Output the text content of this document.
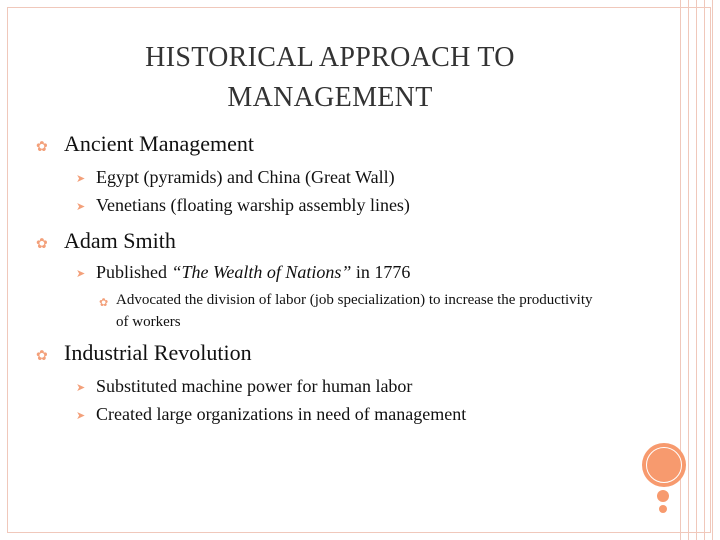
HISTORICAL APPROACH TO
MANAGEMENT
✿ Ancient Management
➤ Egypt (pyramids) and China (Great Wall)
➤ Venetians (floating warship assembly lines)
✿ Adam Smith
➤ Published “The Wealth of Nations” in 1776
✿ Advocated the division of labor (job specialization) to increase the productivity of workers
✿ Industrial Revolution
➤ Substituted machine power for human labor
➤ Created large organizations in need of management
